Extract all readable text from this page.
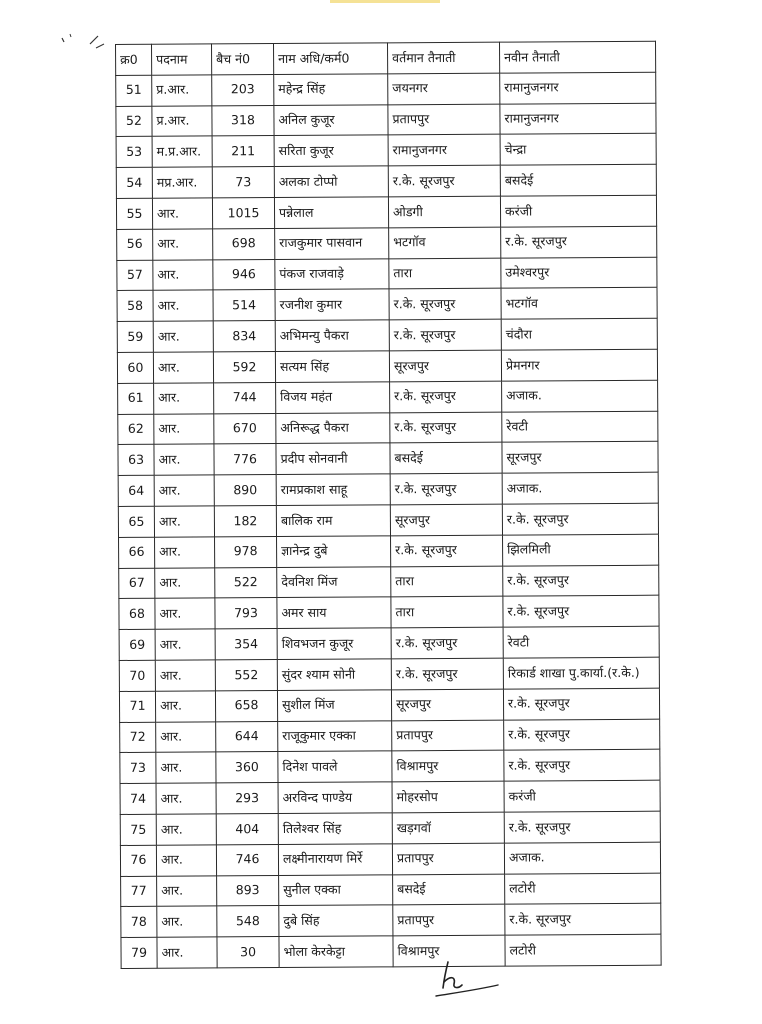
क्र0	पदनाम	बैच नं0	नाम अधि/कर्म0	वर्तमान तैनाती	नवीन तैनाती
51	प्र.आर.	203	महेन्द्र सिंह	जयनगर	रामानुजनगर
52	प्र.आर.	318	अनिल कुजूर	प्रतापपुर	रामानुजनगर
53	म.प्र.आर.	211	सरिता कुजूर	रामानुजनगर	चेन्द्रा
54	मप्र.आर.	73	अलका टोप्पो	र.के. सूरजपुर	बसदेई
55	आर.	1015	पन्नेलाल	ओडगी	करंजी
56	आर.	698	राजकुमार पासवान	भटगॉव	र.के. सूरजपुर
57	आर.	946	पंकज राजवाड़े	तारा	उमेश्वरपुर
58	आर.	514	रजनीश कुमार	र.के. सूरजपुर	भटगॉव
59	आर.	834	अभिमन्यु पैकरा	र.के. सूरजपुर	चंदौरा
60	आर.	592	सत्यम सिंह	सूरजपुर	प्रेमनगर
61	आर.	744	विजय महंत	र.के. सूरजपुर	अजाक.
62	आर.	670	अनिरूद्ध पैकरा	र.के. सूरजपुर	रेवटी
63	आर.	776	प्रदीप सोनवानी	बसदेई	सूरजपुर
64	आर.	890	रामप्रकाश साहू	र.के. सूरजपुर	अजाक.
65	आर.	182	बालिक राम	सूरजपुर	र.के. सूरजपुर
66	आर.	978	ज्ञानेन्द्र दुबे	र.के. सूरजपुर	झिलमिली
67	आर.	522	देवनिश मिंज	तारा	र.के. सूरजपुर
68	आर.	793	अमर साय	तारा	र.के. सूरजपुर
69	आर.	354	शिवभजन कुजूर	र.के. सूरजपुर	रेवटी
70	आर.	552	सुंदर श्याम सोनी	र.के. सूरजपुर	रिकार्ड शाखा पु.कार्या.(र.के.)
71	आर.	658	सुशील मिंज	सूरजपुर	र.के. सूरजपुर
72	आर.	644	राजूकुमार एक्का	प्रतापपुर	र.के. सूरजपुर
73	आर.	360	दिनेश पावले	विश्रामपुर	र.के. सूरजपुर
74	आर.	293	अरविन्द पाण्डेय	मोहरसोप	करंजी
75	आर.	404	तिलेश्वर सिंह	खड़गवॉ	र.के. सूरजपुर
76	आर.	746	लक्ष्मीनारायण मिर्रे	प्रतापपुर	अजाक.
77	आर.	893	सुनील एक्का	बसदेई	लटोरी
78	आर.	548	दुबे सिंह	प्रतापपुर	र.के. सूरजपुर
79	आर.	30	भोला केरकेट्टा	विश्रामपुर	लटोरी
